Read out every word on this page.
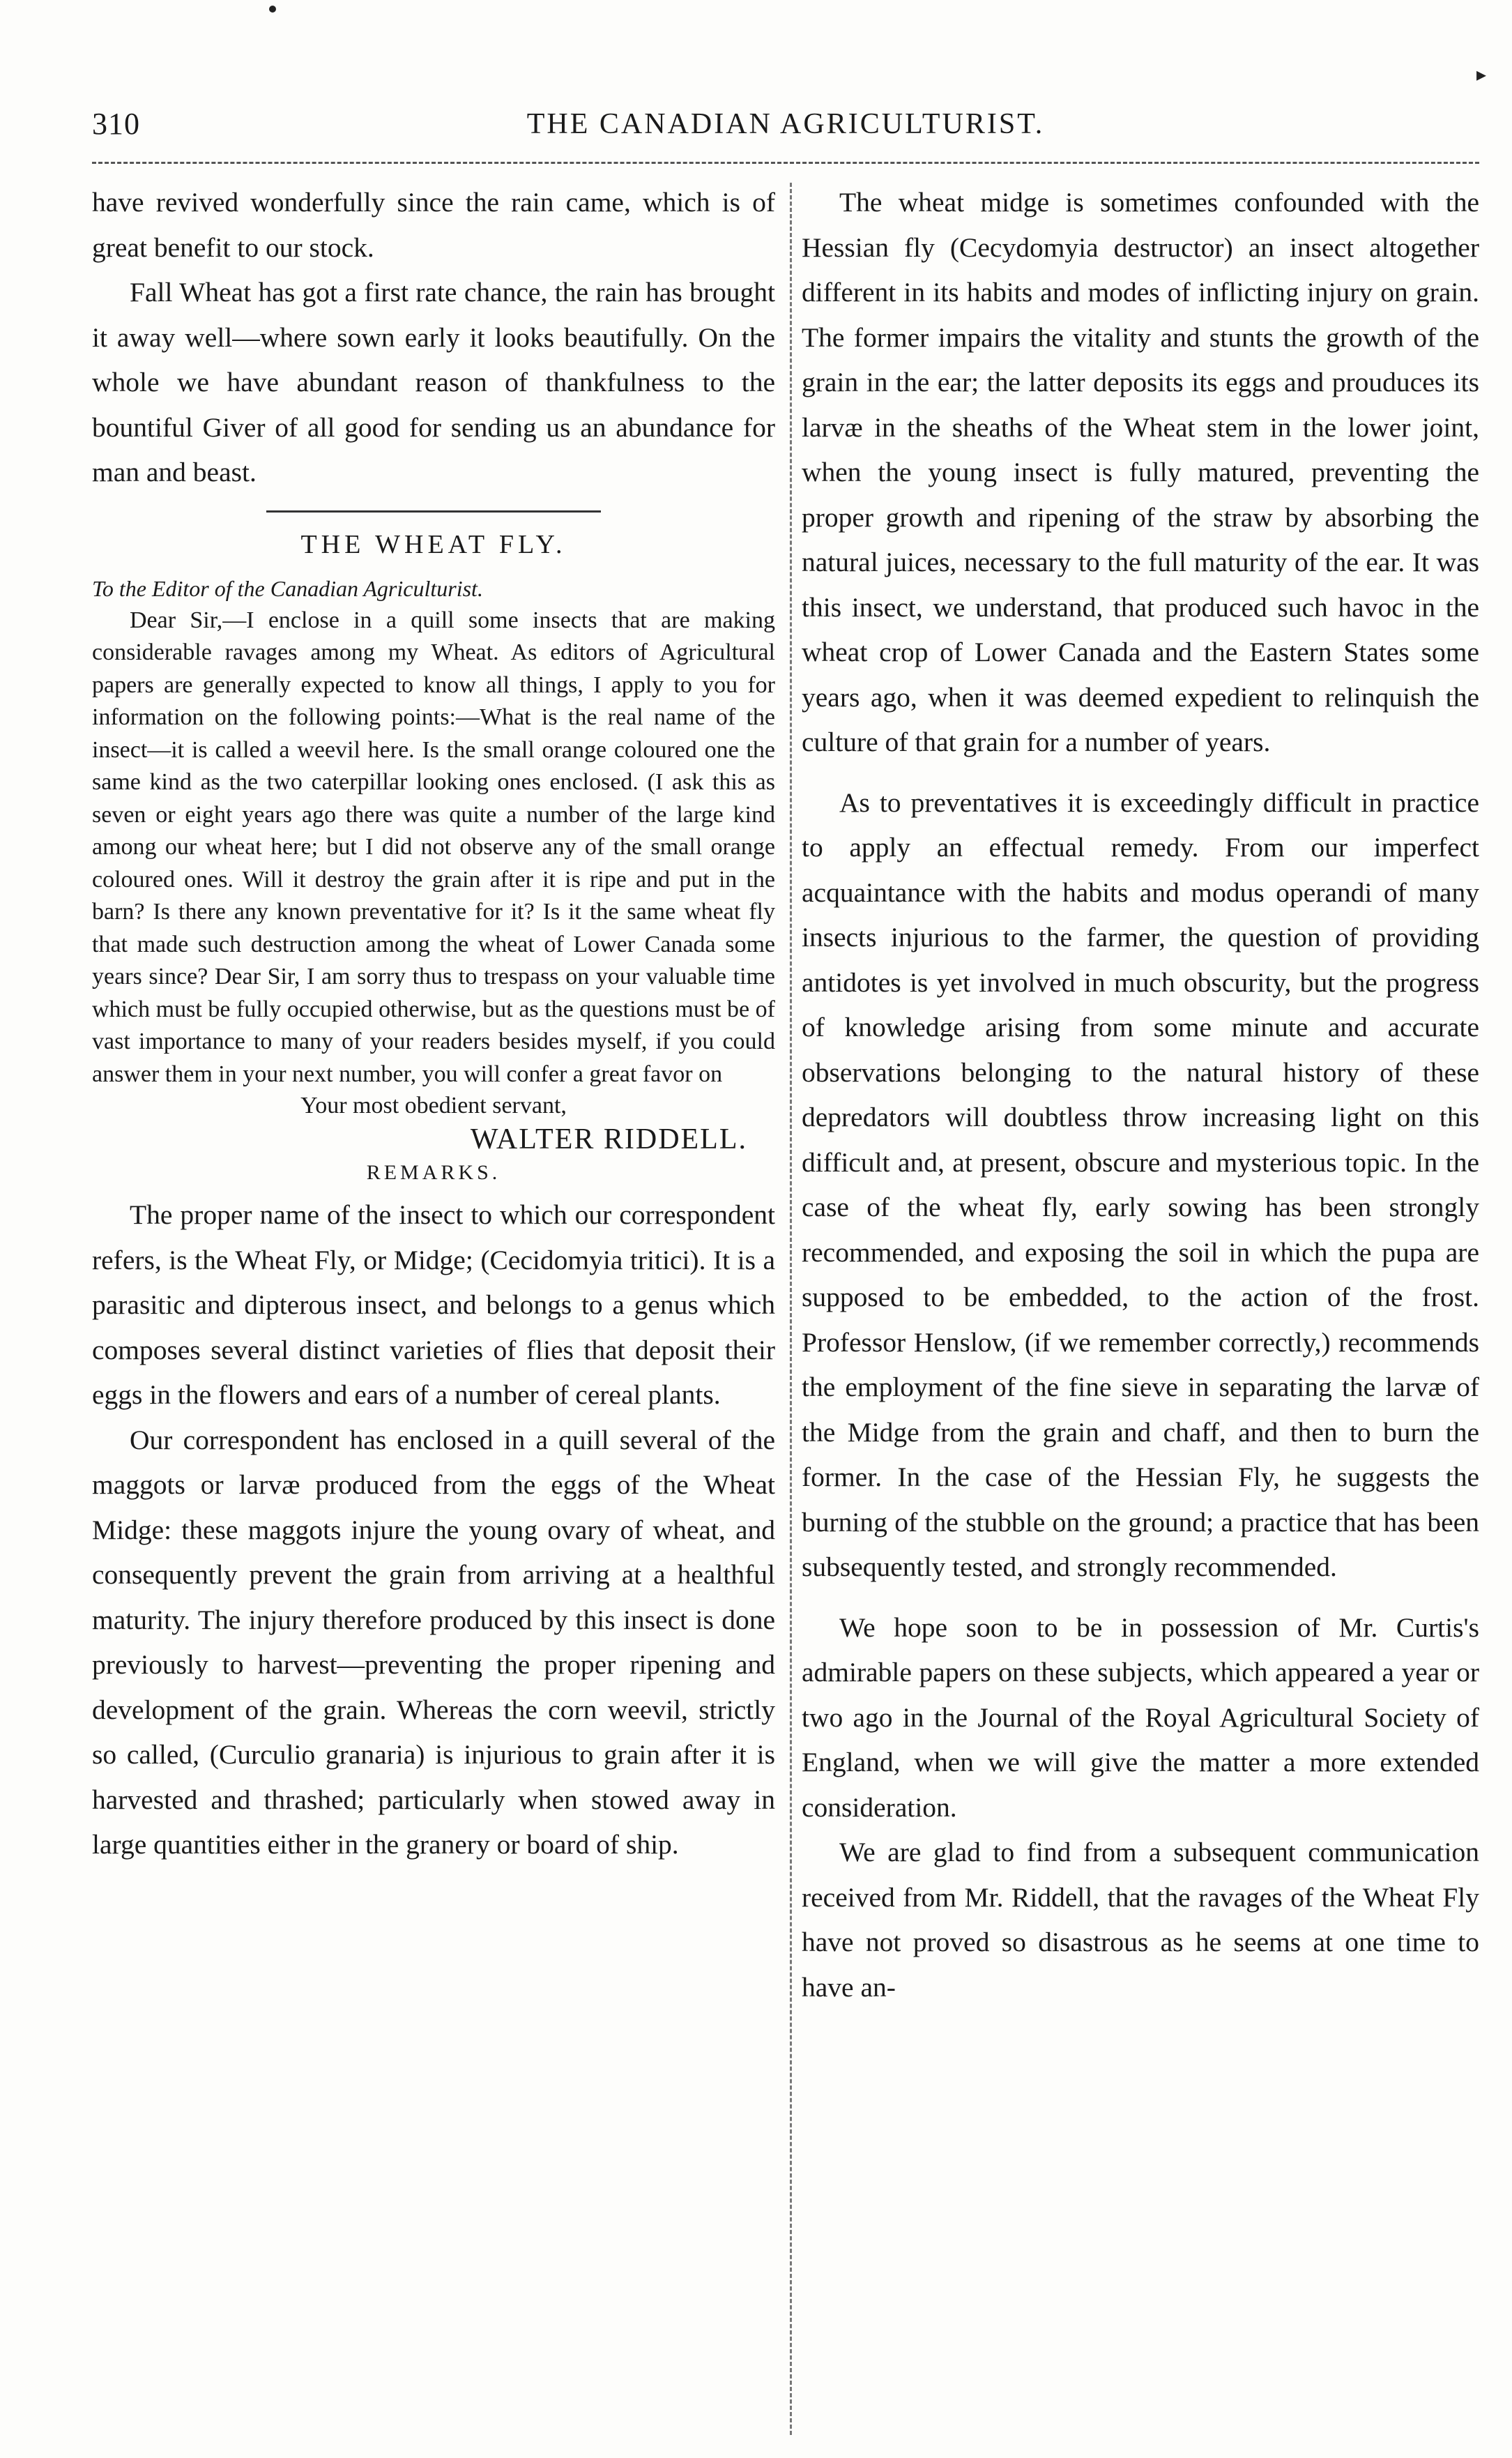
▸
310	THE CANADIAN AGRICULTURIST.

have revived wonderfully since the rain came, which is of great benefit to our stock.

Fall Wheat has got a first rate chance, the rain has brought it away well—where sown early it looks beautifully. On the whole we have abundant reason of thankfulness to the bountiful Giver of all good for sending us an abundance for man and beast.

THE WHEAT FLY.

To the Editor of the Canadian Agriculturist.

Dear Sir,—I enclose in a quill some insects that are making considerable ravages among my Wheat. As editors of Agricultural papers are generally expected to know all things, I apply to you for information on the following points:—What is the real name of the insect—it is called a weevil here. Is the small orange coloured one the same kind as the two caterpillar looking ones enclosed. (I ask this as seven or eight years ago there was quite a number of the large kind among our wheat here; but I did not observe any of the small orange coloured ones. Will it destroy the grain after it is ripe and put in the barn? Is there any known preventative for it? Is it the same wheat fly that made such destruction among the wheat of Lower Canada some years since? Dear Sir, I am sorry thus to trespass on your valuable time which must be fully occupied otherwise, but as the questions must be of vast importance to many of your readers besides myself, if you could answer them in your next number, you will confer a great favor on

Your most obedient servant,

WALTER RIDDELL.

REMARKS.

The proper name of the insect to which our correspondent refers, is the Wheat Fly, or Midge; (Cecidomyia tritici). It is a parasitic and dipterous insect, and belongs to a genus which composes several distinct varieties of flies that deposit their eggs in the flowers and ears of a number of cereal plants.

Our correspondent has enclosed in a quill several of the maggots or larvæ produced from the eggs of the Wheat Midge: these maggots injure the young ovary of wheat, and consequently prevent the grain from arriving at a healthful maturity. The injury therefore produced by this insect is done previously to harvest—preventing the proper ripening and development of the grain. Whereas the corn weevil, strictly so called, (Curculio granaria) is injurious to grain after it is harvested and thrashed; particularly when stowed away in large quantities either in the granery or board of ship.

The wheat midge is sometimes confounded with the Hessian fly (Cecydomyia destructor) an insect altogether different in its habits and modes of inflicting injury on grain. The former impairs the vitality and stunts the growth of the grain in the ear; the latter deposits its eggs and prouduces its larvæ in the sheaths of the Wheat stem in the lower joint, when the young insect is fully matured, preventing the proper growth and ripening of the straw by absorbing the natural juices, necessary to the full maturity of the ear. It was this insect, we understand, that produced such havoc in the wheat crop of Lower Canada and the Eastern States some years ago, when it was deemed expedient to relinquish the culture of that grain for a number of years.

As to preventatives it is exceedingly difficult in practice to apply an effectual remedy. From our imperfect acquaintance with the habits and modus operandi of many insects injurious to the farmer, the question of providing antidotes is yet involved in much obscurity, but the progress of knowledge arising from some minute and accurate observations belonging to the natural history of these depredators will doubtless throw increasing light on this difficult and, at present, obscure and mysterious topic. In the case of the wheat fly, early sowing has been strongly recommended, and exposing the soil in which the pupa are supposed to be embedded, to the action of the frost. Professor Henslow, (if we remember correctly,) recommends the employment of the fine sieve in separating the larvæ of the Midge from the grain and chaff, and then to burn the former. In the case of the Hessian Fly, he suggests the burning of the stubble on the ground; a practice that has been subsequently tested, and strongly recommended.

We hope soon to be in possession of Mr. Curtis's admirable papers on these subjects, which appeared a year or two ago in the Journal of the Royal Agricultural Society of England, when we will give the matter a more extended consideration.

We are glad to find from a subsequent communication received from Mr. Riddell, that the ravages of the Wheat Fly have not proved so disastrous as he seems at one time to have an-
